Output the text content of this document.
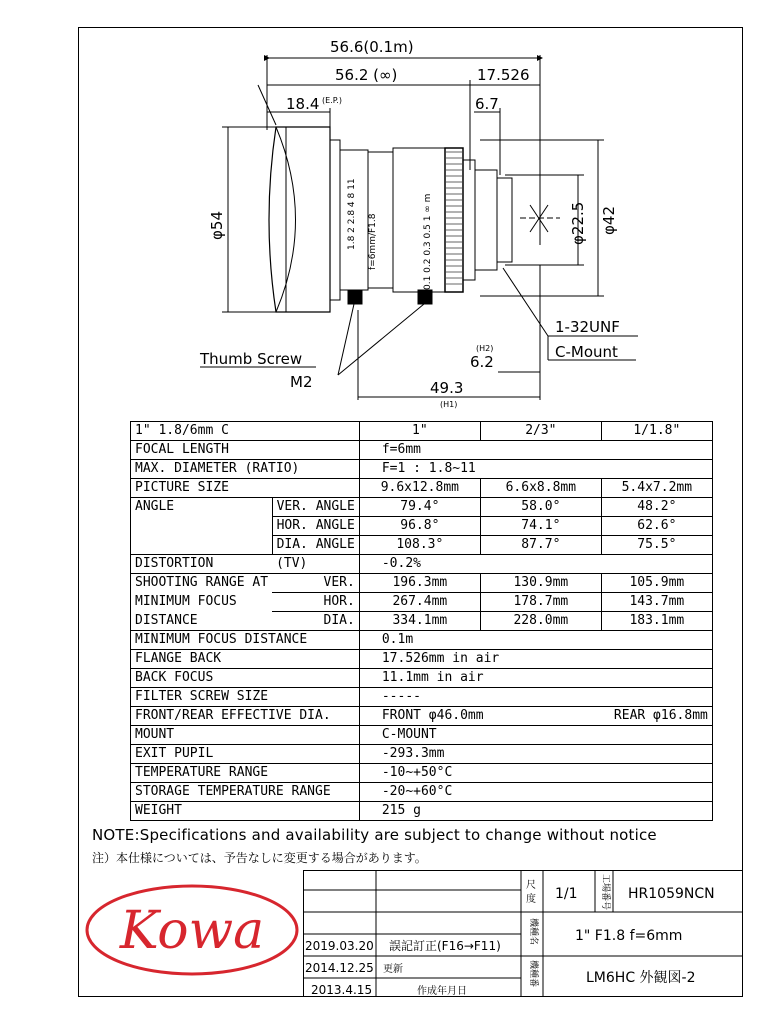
56.6(0.1m)
56.2 (∞)	17.526
18.4 (E.P.)	6.7
φ54	φ22.5 φ42
1-32UNF
C-Mount
(H2)
6.2
49.3
(H1)
Thumb Screw
M2
f=6mm/F1.8
1.8 2 2.8 4 8 11	0.1 0.2 0.3 0.5 1 ∞ m
1" 1.8/6mm C		1"	2/3"	1/1.8"
FOCAL LENGTH		f=6mm		
MAX. DIAMETER (RATIO)		F=1 : 1.8~11		
PICTURE SIZE		9.6x12.8mm	6.6x8.8mm	5.4x7.2mm
ANGLE	VER. ANGLE	79.4°	58.0°	48.2°
	HOR. ANGLE	96.8°	74.1°	62.6°
	DIA. ANGLE	108.3°	87.7°	75.5°
DISTORTION	(TV)	-0.2%		
SHOOTING RANGE AT	VER.	196.3mm	130.9mm	105.9mm
MINIMUM FOCUS	HOR.	267.4mm	178.7mm	143.7mm
DISTANCE	DIA.	334.1mm	228.0mm	183.1mm
MINIMUM FOCUS DISTANCE		0.1m		
FLANGE BACK		17.526mm in air		
BACK FOCUS		11.1mm in air		
FILTER SCREW SIZE		-----		
FRONT/REAR EFFECTIVE DIA.		FRONT φ46.0mm		REAR φ16.8mm
MOUNT		C-MOUNT		
EXIT PUPIL		-293.3mm		
TEMPERATURE RANGE		-10~+50°C		
STORAGE TEMPERATURE RANGE		-20~+60°C		
WEIGHT		215 g		
NOTE:Specifications and availability are subject to change without notice
注）本仕様については、予告なしに変更する場合があります。
Kowa
尺
度 1/1 工場番号 HR1059NCN
機種名	1" F1.8 f=6mm
機種番	LM6HC 外観図-2
2019.03.20 誤記訂正(F16→F11)
2014.12.25 更新
2013.4.15	作成年月日
